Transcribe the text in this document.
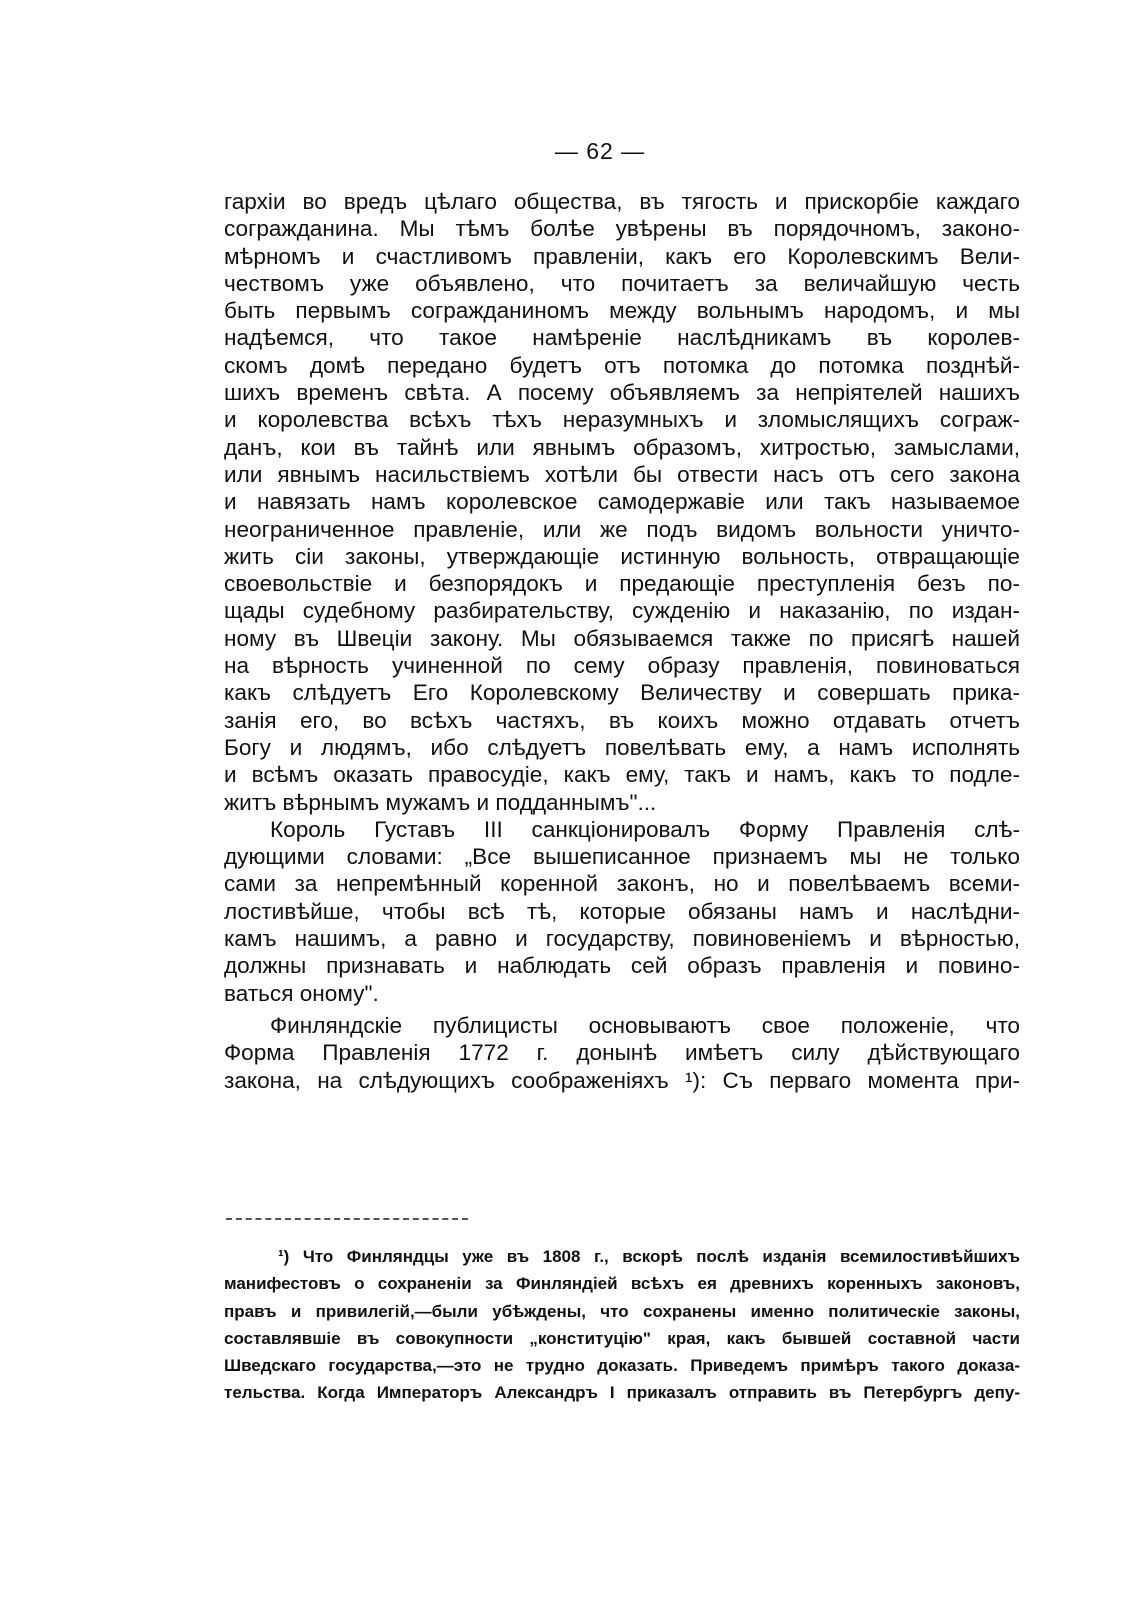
— 62 —
гархіи во вредъ цѣлаго общества, въ тягость и прискорбіе каждаго
согражданина. Мы тѣмъ болѣе увѣрены въ порядочномъ, законо-
мѣрномъ и счастливомъ правленіи, какъ его Королевскимъ Вели-
чествомъ уже объявлено, что почитаетъ за величайшую честь
быть первымъ согражданиномъ между вольнымъ народомъ, и мы
надѣемся, что такое намѣреніе наслѣдникамъ въ королев-
скомъ домѣ передано будетъ отъ потомка до потомка позднѣй-
шихъ временъ свѣта. А посему объявляемъ за непріятелей нашихъ
и королевства всѣхъ тѣхъ неразумныхъ и зломыслящихъ сограж-
данъ, кои въ тайнѣ или явнымъ образомъ, хитростью, замыслами,
или явнымъ насильствіемъ хотѣли бы отвести насъ отъ сего закона
и навязать намъ королевское самодержавіе или такъ называемое
неограниченное правленіе, или же подъ видомъ вольности уничто-
жить сіи законы, утверждающіе истинную вольность, отвращающіе
своевольствіе и безпорядокъ и предающіе преступленія безъ по-
щады судебному разбирательству, сужденію и наказанію, по издан-
ному въ Швеціи закону. Мы обязываемся также по присягѣ нашей
на вѣрность учиненной по сему образу правленія, повиноваться
какъ слѣдуетъ Его Королевскому Величеству и совершать прика-
занія его, во всѣхъ частяхъ, въ коихъ можно отдавать отчетъ
Богу и людямъ, ибо слѣдуетъ повелѣвать ему, а намъ исполнять
и всѣмъ оказать правосудіе, какъ ему, такъ и намъ, какъ то подле-
житъ вѣрнымъ мужамъ и подданнымъ"...
Король Густавъ III санкціонировалъ Форму Правленія слѣ-
дующими словами: „Все вышеписанное признаемъ мы не только
сами за непремѣнный коренной законъ, но и повелѣваемъ всеми-
лостивѣйше, чтобы всѣ тѣ, которые обязаны намъ и наслѣдни-
камъ нашимъ, а равно и государству, повиновеніемъ и вѣрностью,
должны признавать и наблюдать сей образъ правленія и повино-
ваться оному".
Финляндскіе публицисты основываютъ свое положеніе, что
Форма Правленія 1772 г. донынѣ имѣетъ силу дѣйствующаго
закона, на слѣдующихъ соображеніяхъ ¹): Съ перваго момента при-
¹) Что Финляндцы уже въ 1808 г., вскорѣ послѣ изданія всемилостивѣйшихъ
манифестовъ о сохраненіи за Финляндіей всѣхъ ея древнихъ коренныхъ законовъ,
правъ и привилегій,—были убѣждены, что сохранены именно политическіе законы,
составлявшіе въ совокупности „конституцію" края, какъ бывшей составной части
Шведскаго государства,—это не трудно доказать. Приведемъ примѣръ такого доказа-
тельства. Когда Императоръ Александръ I приказалъ отправить въ Петербургъ депу-
